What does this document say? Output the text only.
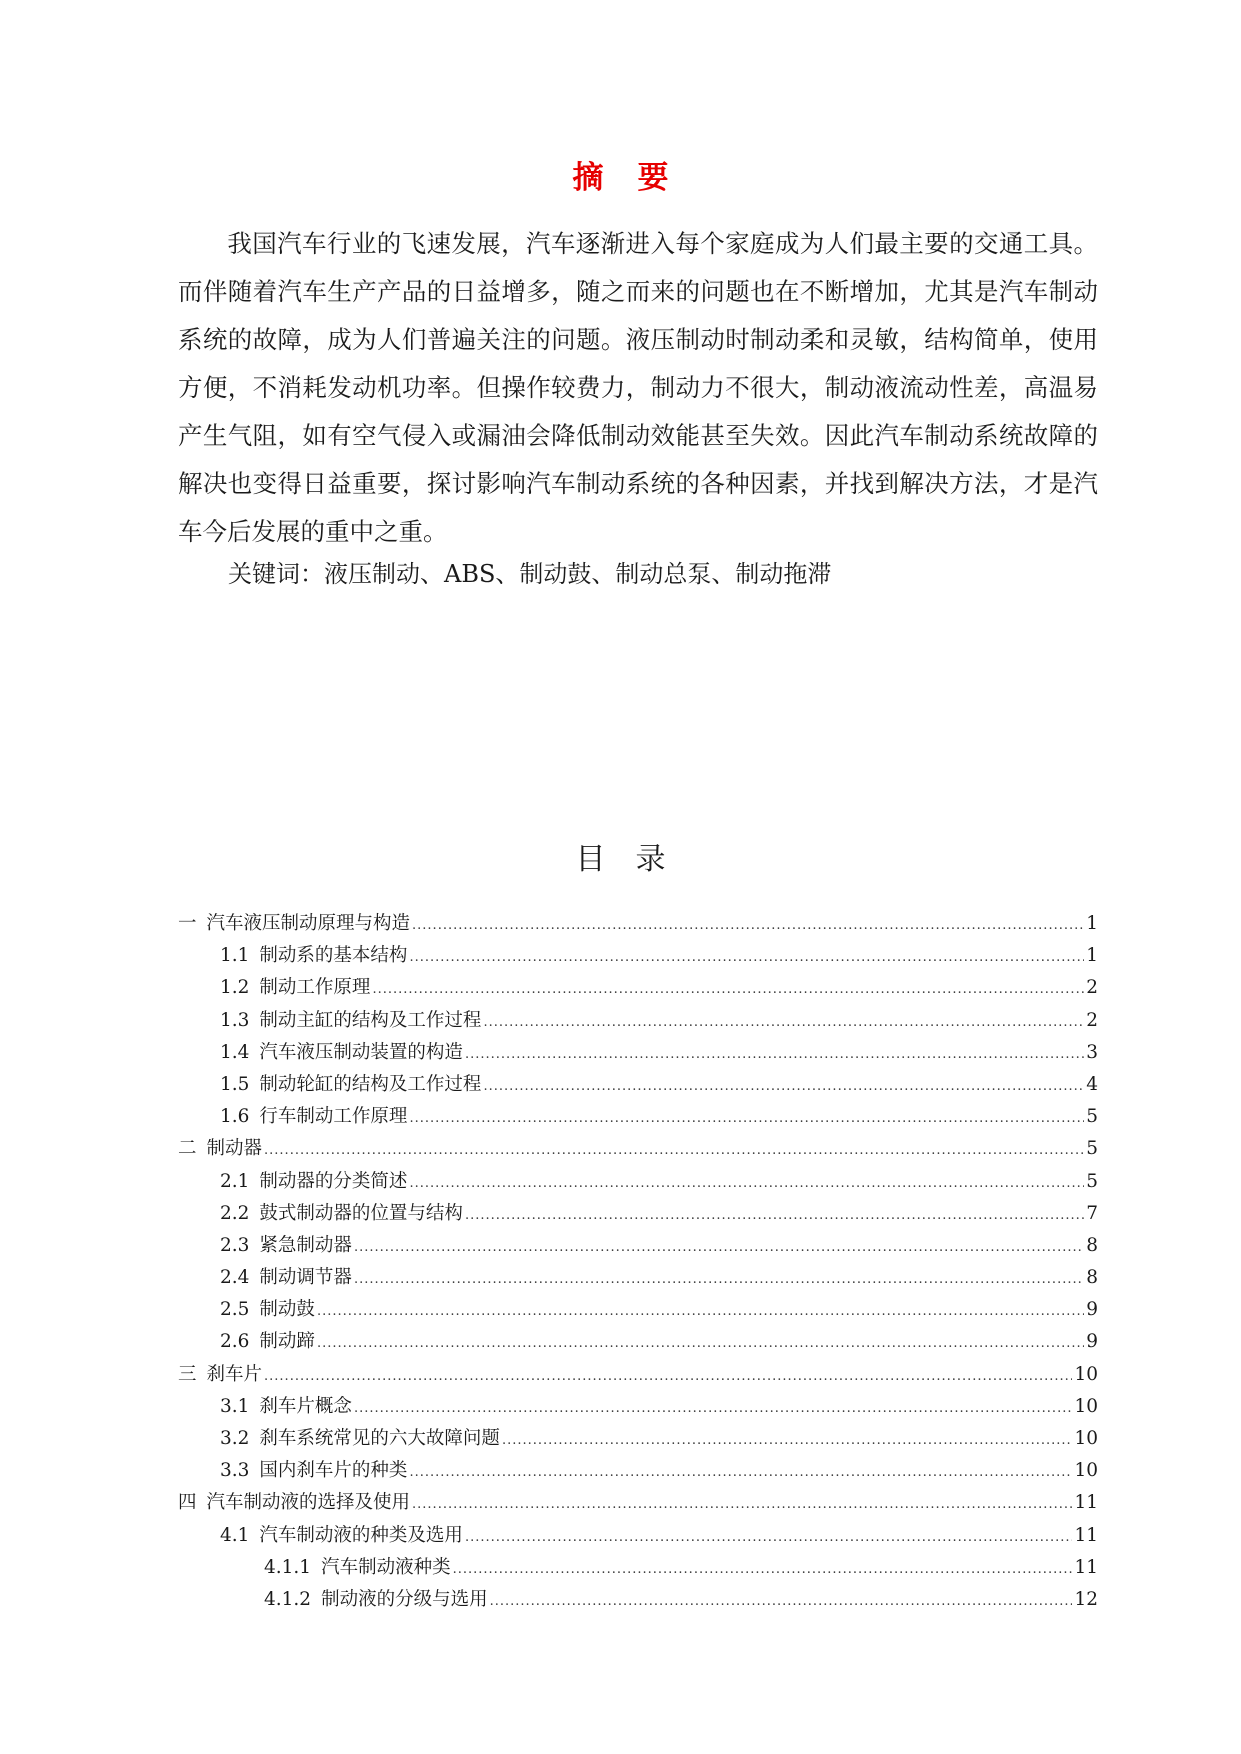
摘要

我国汽车行业的飞速发展，汽车逐渐进入每个家庭成为人们最主要的交通工具。而伴随着汽车生产产品的日益增多，随之而来的问题也在不断增加，尤其是汽车制动系统的故障，成为人们普遍关注的问题。液压制动时制动柔和灵敏，结构简单，使用方便，不消耗发动机功率。但操作较费力，制动力不很大，制动液流动性差，高温易产生气阻，如有空气侵入或漏油会降低制动效能甚至失效。因此汽车制动系统故障的解决也变得日益重要，探讨影响汽车制动系统的各种因素，并找到解决方法，才是汽车今后发展的重中之重。

关键词：液压制动、ABS、制动鼓、制动总泵、制动拖滞

目录
一 汽车液压制动原理与构造 .....	1
1.1 制动系的基本结构 .....	1
1.2 制动工作原理 .....	2
1.3 制动主缸的结构及工作过程 .....	2
1.4 汽车液压制动装置的构造 .....	3
1.5 制动轮缸的结构及工作过程 .....	4
1.6 行车制动工作原理 .....	5
二 制动器 .....	5
2.1 制动器的分类简述 .....	5
2.2 鼓式制动器的位置与结构 .....	7
2.3 紧急制动器 .....	8
2.4 制动调节器 .....	8
2.5 制动鼓 .....	9
2.6 制动蹄 .....	9
三 刹车片 .....	10
3.1 刹车片概念 .....	10
3.2 刹车系统常见的六大故障问题 .....	10
3.3 国内刹车片的种类 .....	10
四 汽车制动液的选择及使用 .....	11
4.1 汽车制动液的种类及选用 .....	11
4.1.1 汽车制动液种类 .....	11
4.1.2 制动液的分级与选用 .....	12
